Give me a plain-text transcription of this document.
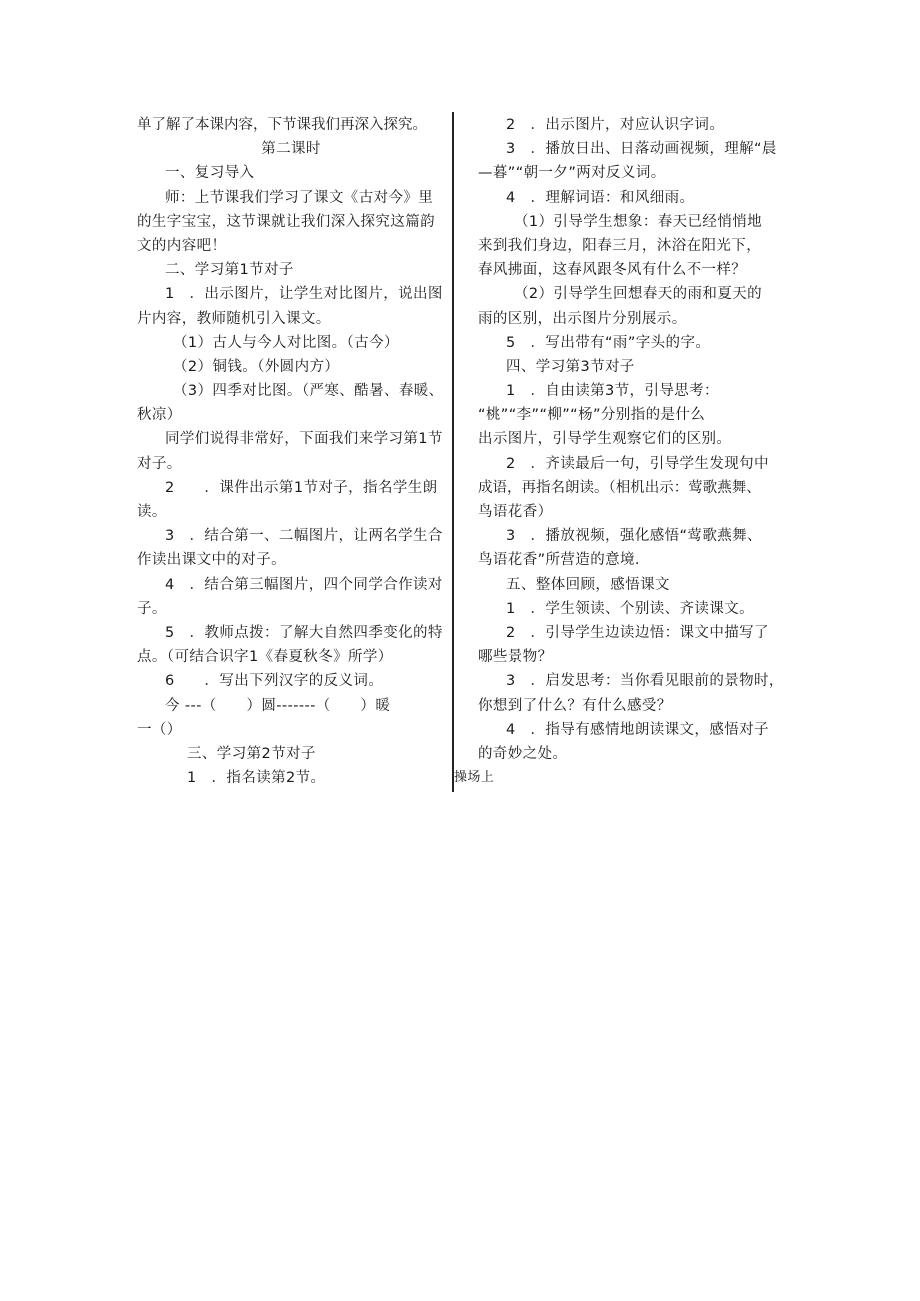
单了解了本课内容，下节课我们再深入探究。
第二课时
一、复习导入
师：上节课我们学习了课文《古对今》里
的生字宝宝，这节课就让我们深入探究这篇韵
文的内容吧！
二、学习第1节对子
1　．出示图片，让学生对比图片，说出图
片内容，教师随机引入课文。
（1）古人与今人对比图。（古今）
（2）铜钱。（外圆内方）
（3）四季对比图。（严寒、酷暑、春暖、
秋凉）
同学们说得非常好，下面我们来学习第1节
对子。
2　　．课件出示第1节对子，指名学生朗
读。
3　．结合第一、二幅图片，让两名学生合
作读出课文中的对子。
4　．结合第三幅图片，四个同学合作读对
子。
5　．教师点拨：了解大自然四季变化的特
点。（可结合识字1《春夏秋冬》所学）
6　　．写出下列汉字的反义词。
今 ---（　　）圆-------（　　）暖
一（）
三、学习第2节对子
1　．指名读第2节。
2　．出示图片，对应认识字词。
3　．播放日出、日落动画视频，理解“晨
—暮”“朝一夕”两对反义词。
4　．理解词语：和风细雨。
（1）引导学生想象：春天已经悄悄地
来到我们身边，阳春三月，沐浴在阳光下，
春风拂面，这春风跟冬风有什么不一样？
（2）引导学生回想春天的雨和夏天的
雨的区别，出示图片分别展示。
5　．写出带有“雨”字头的字。
四、学习第3节对子
1　．自由读第3节，引导思考：
“桃”“李”“柳”“杨”分别指的是什么
出示图片，引导学生观察它们的区别。
2　．齐读最后一句，引导学生发现句中
成语，再指名朗读。（相机出示：莺歌燕舞、
鸟语花香）
3　．播放视频，强化感悟“莺歌燕舞、
鸟语花香”所营造的意境.
五、整体回顾，感悟课文
1　．学生领读、个别读、齐读课文。
2　．引导学生边读边悟：课文中描写了
哪些景物？
3　．启发思考：当你看见眼前的景物时，
你想到了什么？有什么感受？
4　．指导有感情地朗读课文，感悟对子
的奇妙之处。
操场上
